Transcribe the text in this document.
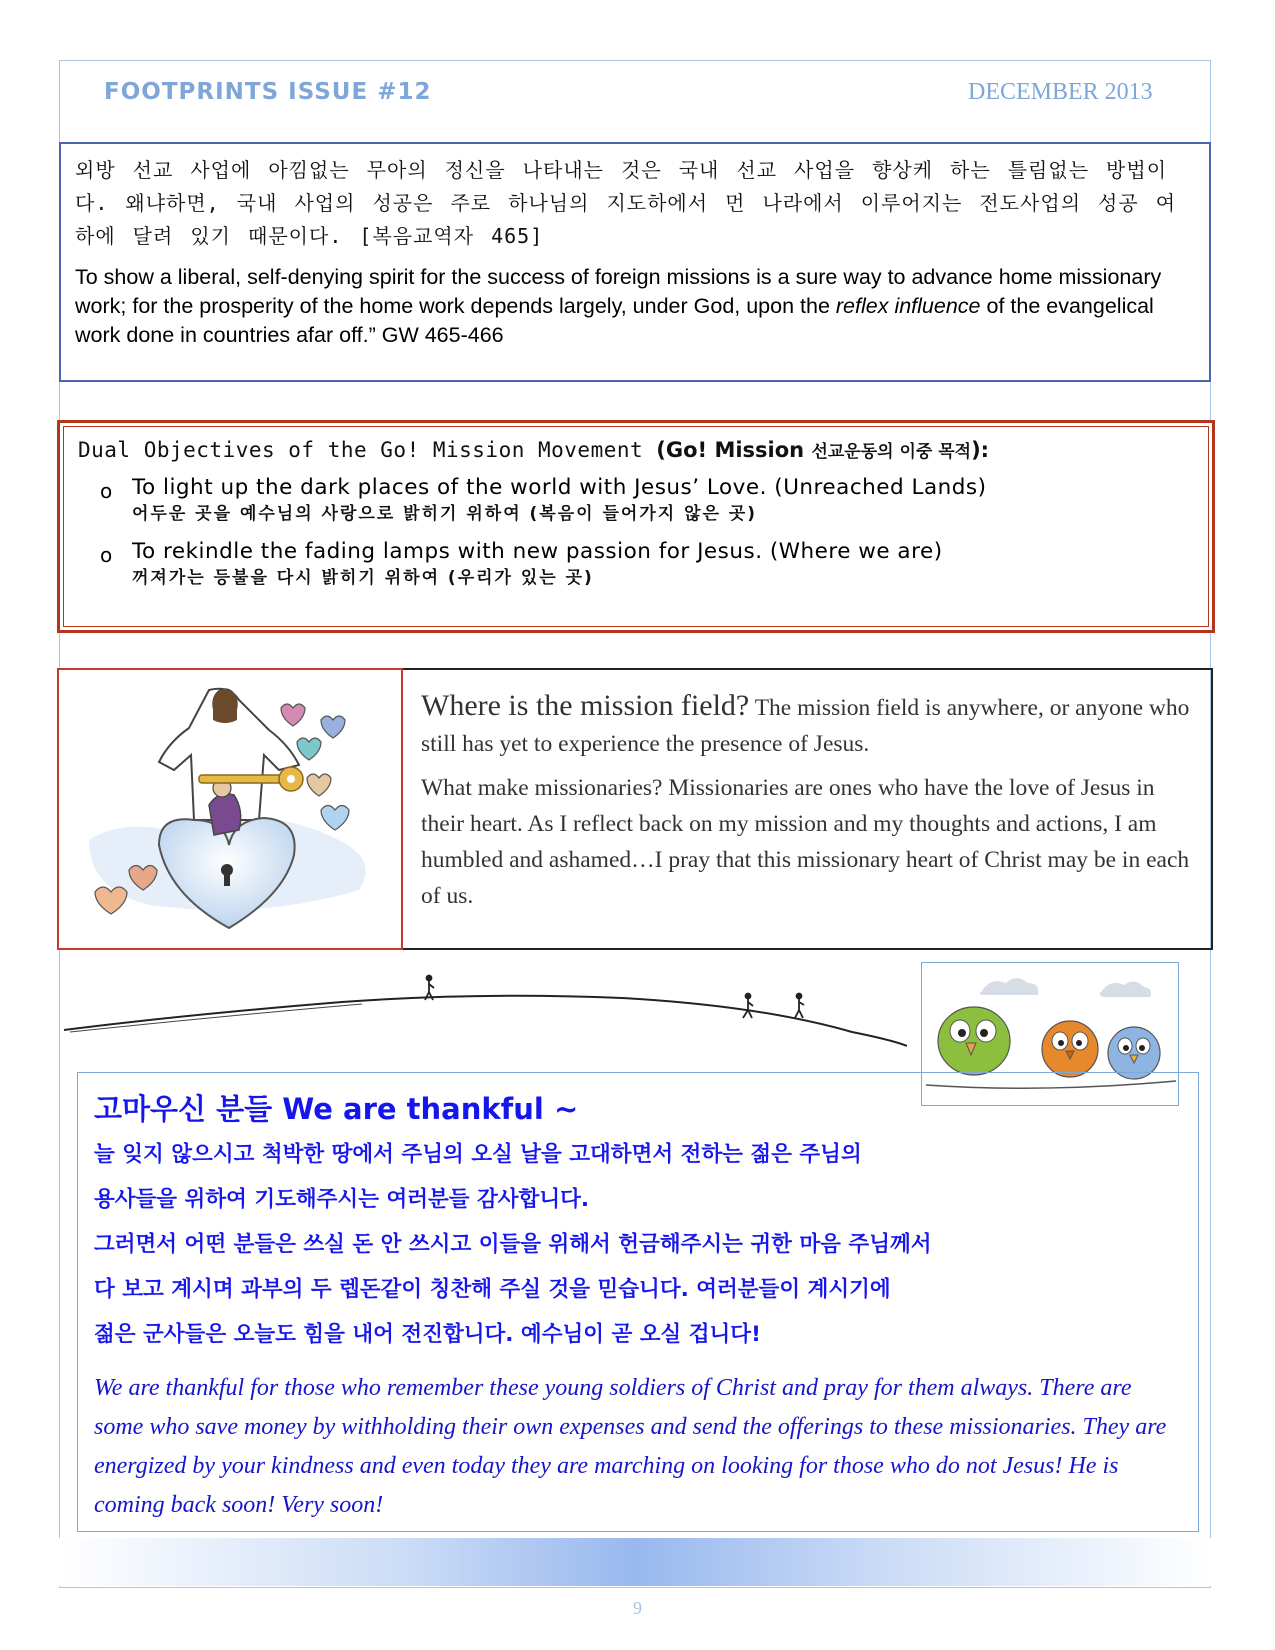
FOOTPRINTS ISSUE #12	DECEMBER 2013

외방 선교 사업에 아낌없는 무아의 정신을 나타내는 것은 국내 선교 사업을 향상케 하는 틀림없는 방법이다. 왜냐하면, 국내 사업의 성공은 주로 하나님의 지도하에서 먼 나라에서 이루어지는 전도사업의 성공 여하에 달려 있기 때문이다. [복음교역자 465]

To show a liberal, self-denying spirit for the success of foreign missions is a sure way to advance home missionary work; for the prosperity of the home work depends largely, under God, upon the reflex influence of the evangelical work done in countries afar off.” GW 465-466

Dual Objectives of the Go! Mission Movement (Go! Mission 선교운동의 이중 목적):

o To light up the dark places of the world with Jesus’ Love. (Unreached Lands)

어두운 곳을 예수님의 사랑으로 밝히기 위하여 (복음이 들어가지 않은 곳)

o To rekindle the fading lamps with new passion for Jesus. (Where we are)

꺼져가는 등불을 다시 밝히기 위하여 (우리가 있는 곳)

Where is the mission field? The mission field is anywhere, or anyone who still has yet to experience the presence of Jesus.

What make missionaries? Missionaries are ones who have the love of Jesus in their heart. As I reflect back on my mission and my thoughts and actions, I am humbled and ashamed…I pray that this missionary heart of Christ may be in each of us.

고마우신 분들 We are thankful ~

늘 잊지 않으시고 척박한 땅에서 주님의 오실 날을 고대하면서 전하는 젊은 주님의
용사들을 위하여 기도해주시는 여러분들 감사합니다.
그러면서 어떤 분들은 쓰실 돈 안 쓰시고 이들을 위해서 헌금해주시는 귀한 마음 주님께서
다 보고 계시며 과부의 두 렙돈같이 칭찬해 주실 것을 믿습니다. 여러분들이 계시기에
젊은 군사들은 오늘도 힘을 내어 전진합니다. 예수님이 곧 오실 겁니다!

We are thankful for those who remember these young soldiers of Christ and pray for them always. There are some who save money by withholding their own expenses and send the offerings to these missionaries. They are energized by your kindness and even today they are marching on looking for those who do not Jesus! He is coming back soon! Very soon!

9
